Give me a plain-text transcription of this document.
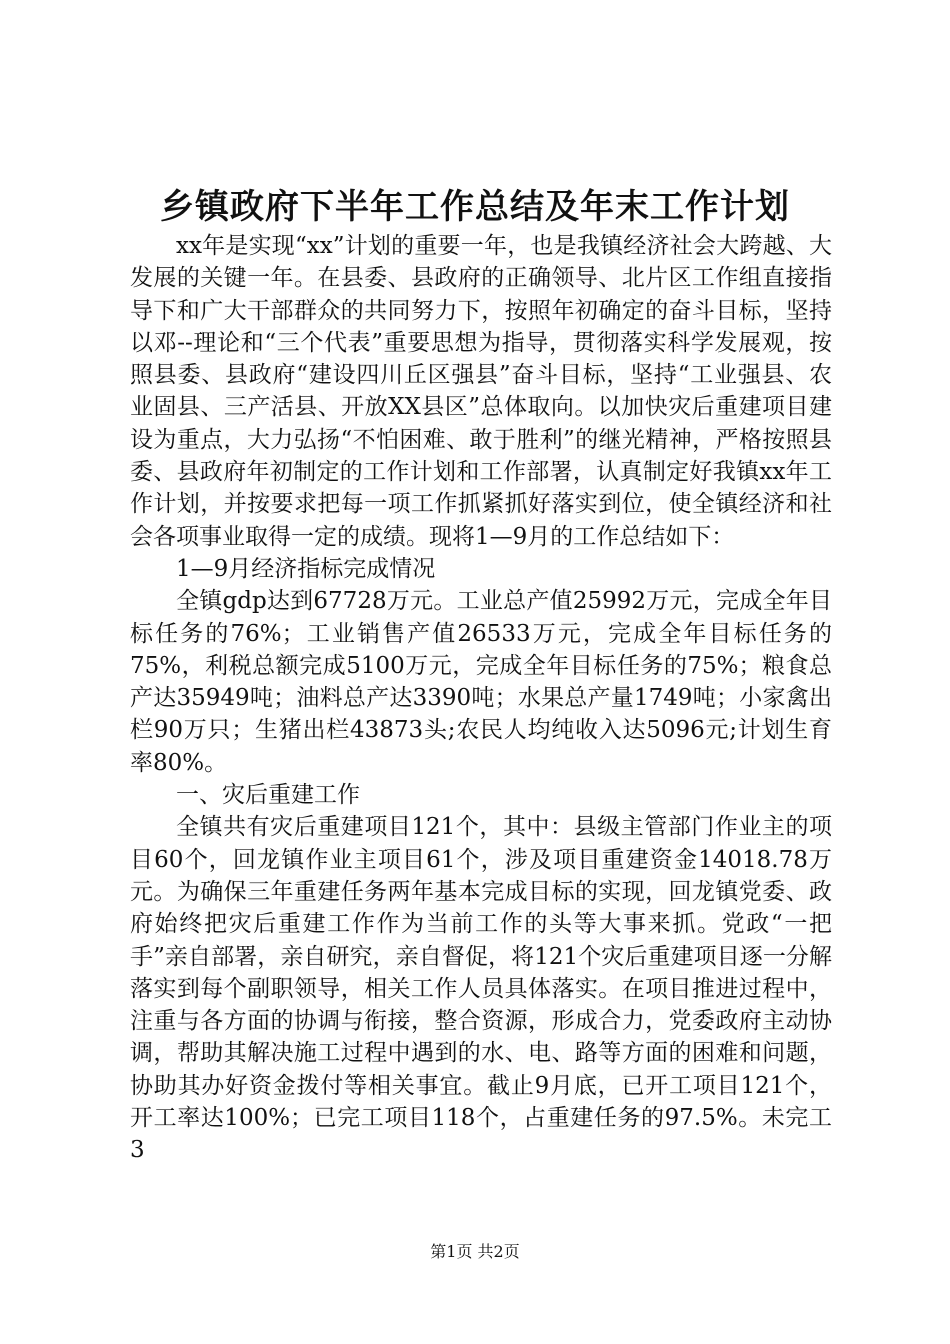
乡镇政府下半年工作总结及年末工作计划

xx年是实现“xx”计划的重要一年，也是我镇经济社会大跨越、大发展的关键一年。在县委、县政府的正确领导、北片区工作组直接指导下和广大干部群众的共同努力下，按照年初确定的奋斗目标，坚持以邓--理论和“三个代表”重要思想为指导，贯彻落实科学发展观，按照县委、县政府“建设四川丘区强县”奋斗目标，坚持“工业强县、农业固县、三产活县、开放XX县区”总体取向。以加快灾后重建项目建设为重点，大力弘扬“不怕困难、敢于胜利”的继光精神，严格按照县委、县政府年初制定的工作计划和工作部署，认真制定好我镇xx年工作计划，并按要求把每一项工作抓紧抓好落实到位，使全镇经济和社会各项事业取得一定的成绩。现将1—9月的工作总结如下：

1—9月经济指标完成情况

全镇gdp达到67728万元。工业总产值25992万元，完成全年目标任务的76%；工业销售产值26533万元，完成全年目标任务的75%，利税总额完成5100万元，完成全年目标任务的75%；粮食总产达35949吨；油料总产达3390吨；水果总产量1749吨；小家禽出栏90万只；生猪出栏43873头;农民人均纯收入达5096元;计划生育率80%。

一、灾后重建工作

全镇共有灾后重建项目121个，其中：县级主管部门作业主的项目60个，回龙镇作业主项目61个，涉及项目重建资金14018.78万元。为确保三年重建任务两年基本完成目标的实现，回龙镇党委、政府始终把灾后重建工作作为当前工作的头等大事来抓。党政“一把手”亲自部署，亲自研究，亲自督促，将121个灾后重建项目逐一分解落实到每个副职领导，相关工作人员具体落实。在项目推进过程中，注重与各方面的协调与衔接，整合资源，形成合力，党委政府主动协调，帮助其解决施工过程中遇到的水、电、路等方面的困难和问题，协助其办好资金拨付等相关事宜。截止9月底，已开工项目121个，开工率达100%；已完工项目118个，占重建任务的97.5%。未完工3

第1页 共2页
